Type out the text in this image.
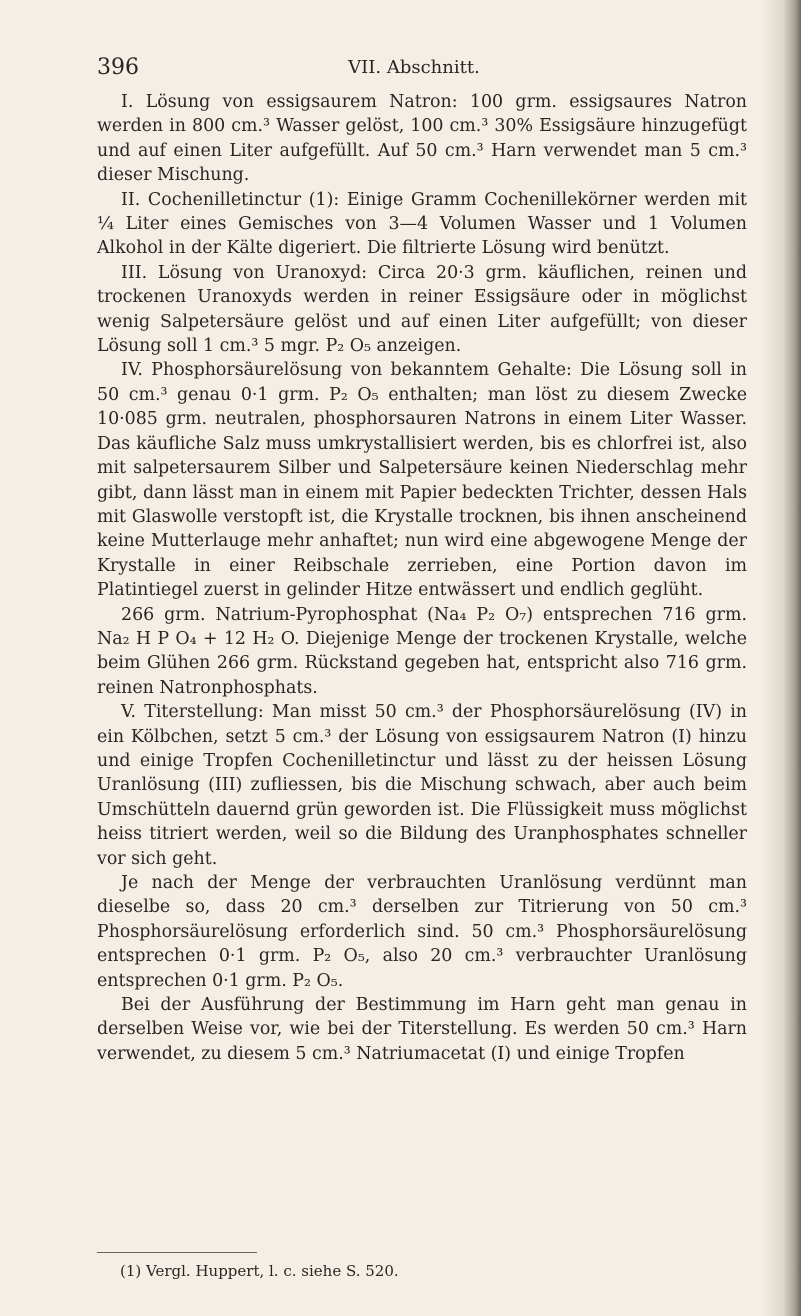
396	VII. Abschnitt.

I. Lösung von essigsaurem Natron: 100 grm. essigsaures Natron werden in 800 cm.³ Wasser gelöst, 100 cm.³ 30% Essigsäure hinzugefügt und auf einen Liter aufgefüllt. Auf 50 cm.³ Harn verwendet man 5 cm.³ dieser Mischung.

II. Cochenilletinctur (1): Einige Gramm Cochenillekörner werden mit ¼ Liter eines Gemisches von 3—4 Volumen Wasser und 1 Volumen Alkohol in der Kälte digeriert. Die filtrierte Lösung wird benützt.

III. Lösung von Uranoxyd: Circa 20·3 grm. käuflichen, reinen und trockenen Uranoxyds werden in reiner Essigsäure oder in möglichst wenig Salpetersäure gelöst und auf einen Liter aufgefüllt; von dieser Lösung soll 1 cm.³ 5 mgr. P₂ O₅ anzeigen.

IV. Phosphorsäurelösung von bekanntem Gehalte: Die Lösung soll in 50 cm.³ genau 0·1 grm. P₂ O₅ enthalten; man löst zu diesem Zwecke 10·085 grm. neutralen, phosphorsauren Natrons in einem Liter Wasser. Das käufliche Salz muss umkrystallisiert werden, bis es chlorfrei ist, also mit salpetersaurem Silber und Salpetersäure keinen Niederschlag mehr gibt, dann lässt man in einem mit Papier bedeckten Trichter, dessen Hals mit Glaswolle verstopft ist, die Krystalle trocknen, bis ihnen anscheinend keine Mutterlauge mehr anhaftet; nun wird eine abgewogene Menge der Krystalle in einer Reibschale zerrieben, eine Portion davon im Platintiegel zuerst in gelinder Hitze entwässert und endlich geglüht.

266 grm. Natrium-Pyrophosphat (Na₄ P₂ O₇) entsprechen 716 grm. Na₂ H P O₄ + 12 H₂ O. Diejenige Menge der trockenen Krystalle, welche beim Glühen 266 grm. Rückstand gegeben hat, entspricht also 716 grm. reinen Natronphosphats.

V. Titerstellung: Man misst 50 cm.³ der Phosphorsäurelösung (IV) in ein Kölbchen, setzt 5 cm.³ der Lösung von essigsaurem Natron (I) hinzu und einige Tropfen Cochenilletinctur und lässt zu der heissen Lösung Uranlösung (III) zufliessen, bis die Mischung schwach, aber auch beim Umschütteln dauernd grün geworden ist. Die Flüssigkeit muss möglichst heiss titriert werden, weil so die Bildung des Uranphosphates schneller vor sich geht.

Je nach der Menge der verbrauchten Uranlösung verdünnt man dieselbe so, dass 20 cm.³ derselben zur Titrierung von 50 cm.³ Phosphorsäurelösung erforderlich sind. 50 cm.³ Phosphorsäurelösung entsprechen 0·1 grm. P₂ O₅, also 20 cm.³ verbrauchter Uranlösung entsprechen 0·1 grm. P₂ O₅.

Bei der Ausführung der Bestimmung im Harn geht man genau in derselben Weise vor, wie bei der Titerstellung. Es werden 50 cm.³ Harn verwendet, zu diesem 5 cm.³ Natriumacetat (I) und einige Tropfen

(1) Vergl. Huppert, l. c. siehe S. 520.
